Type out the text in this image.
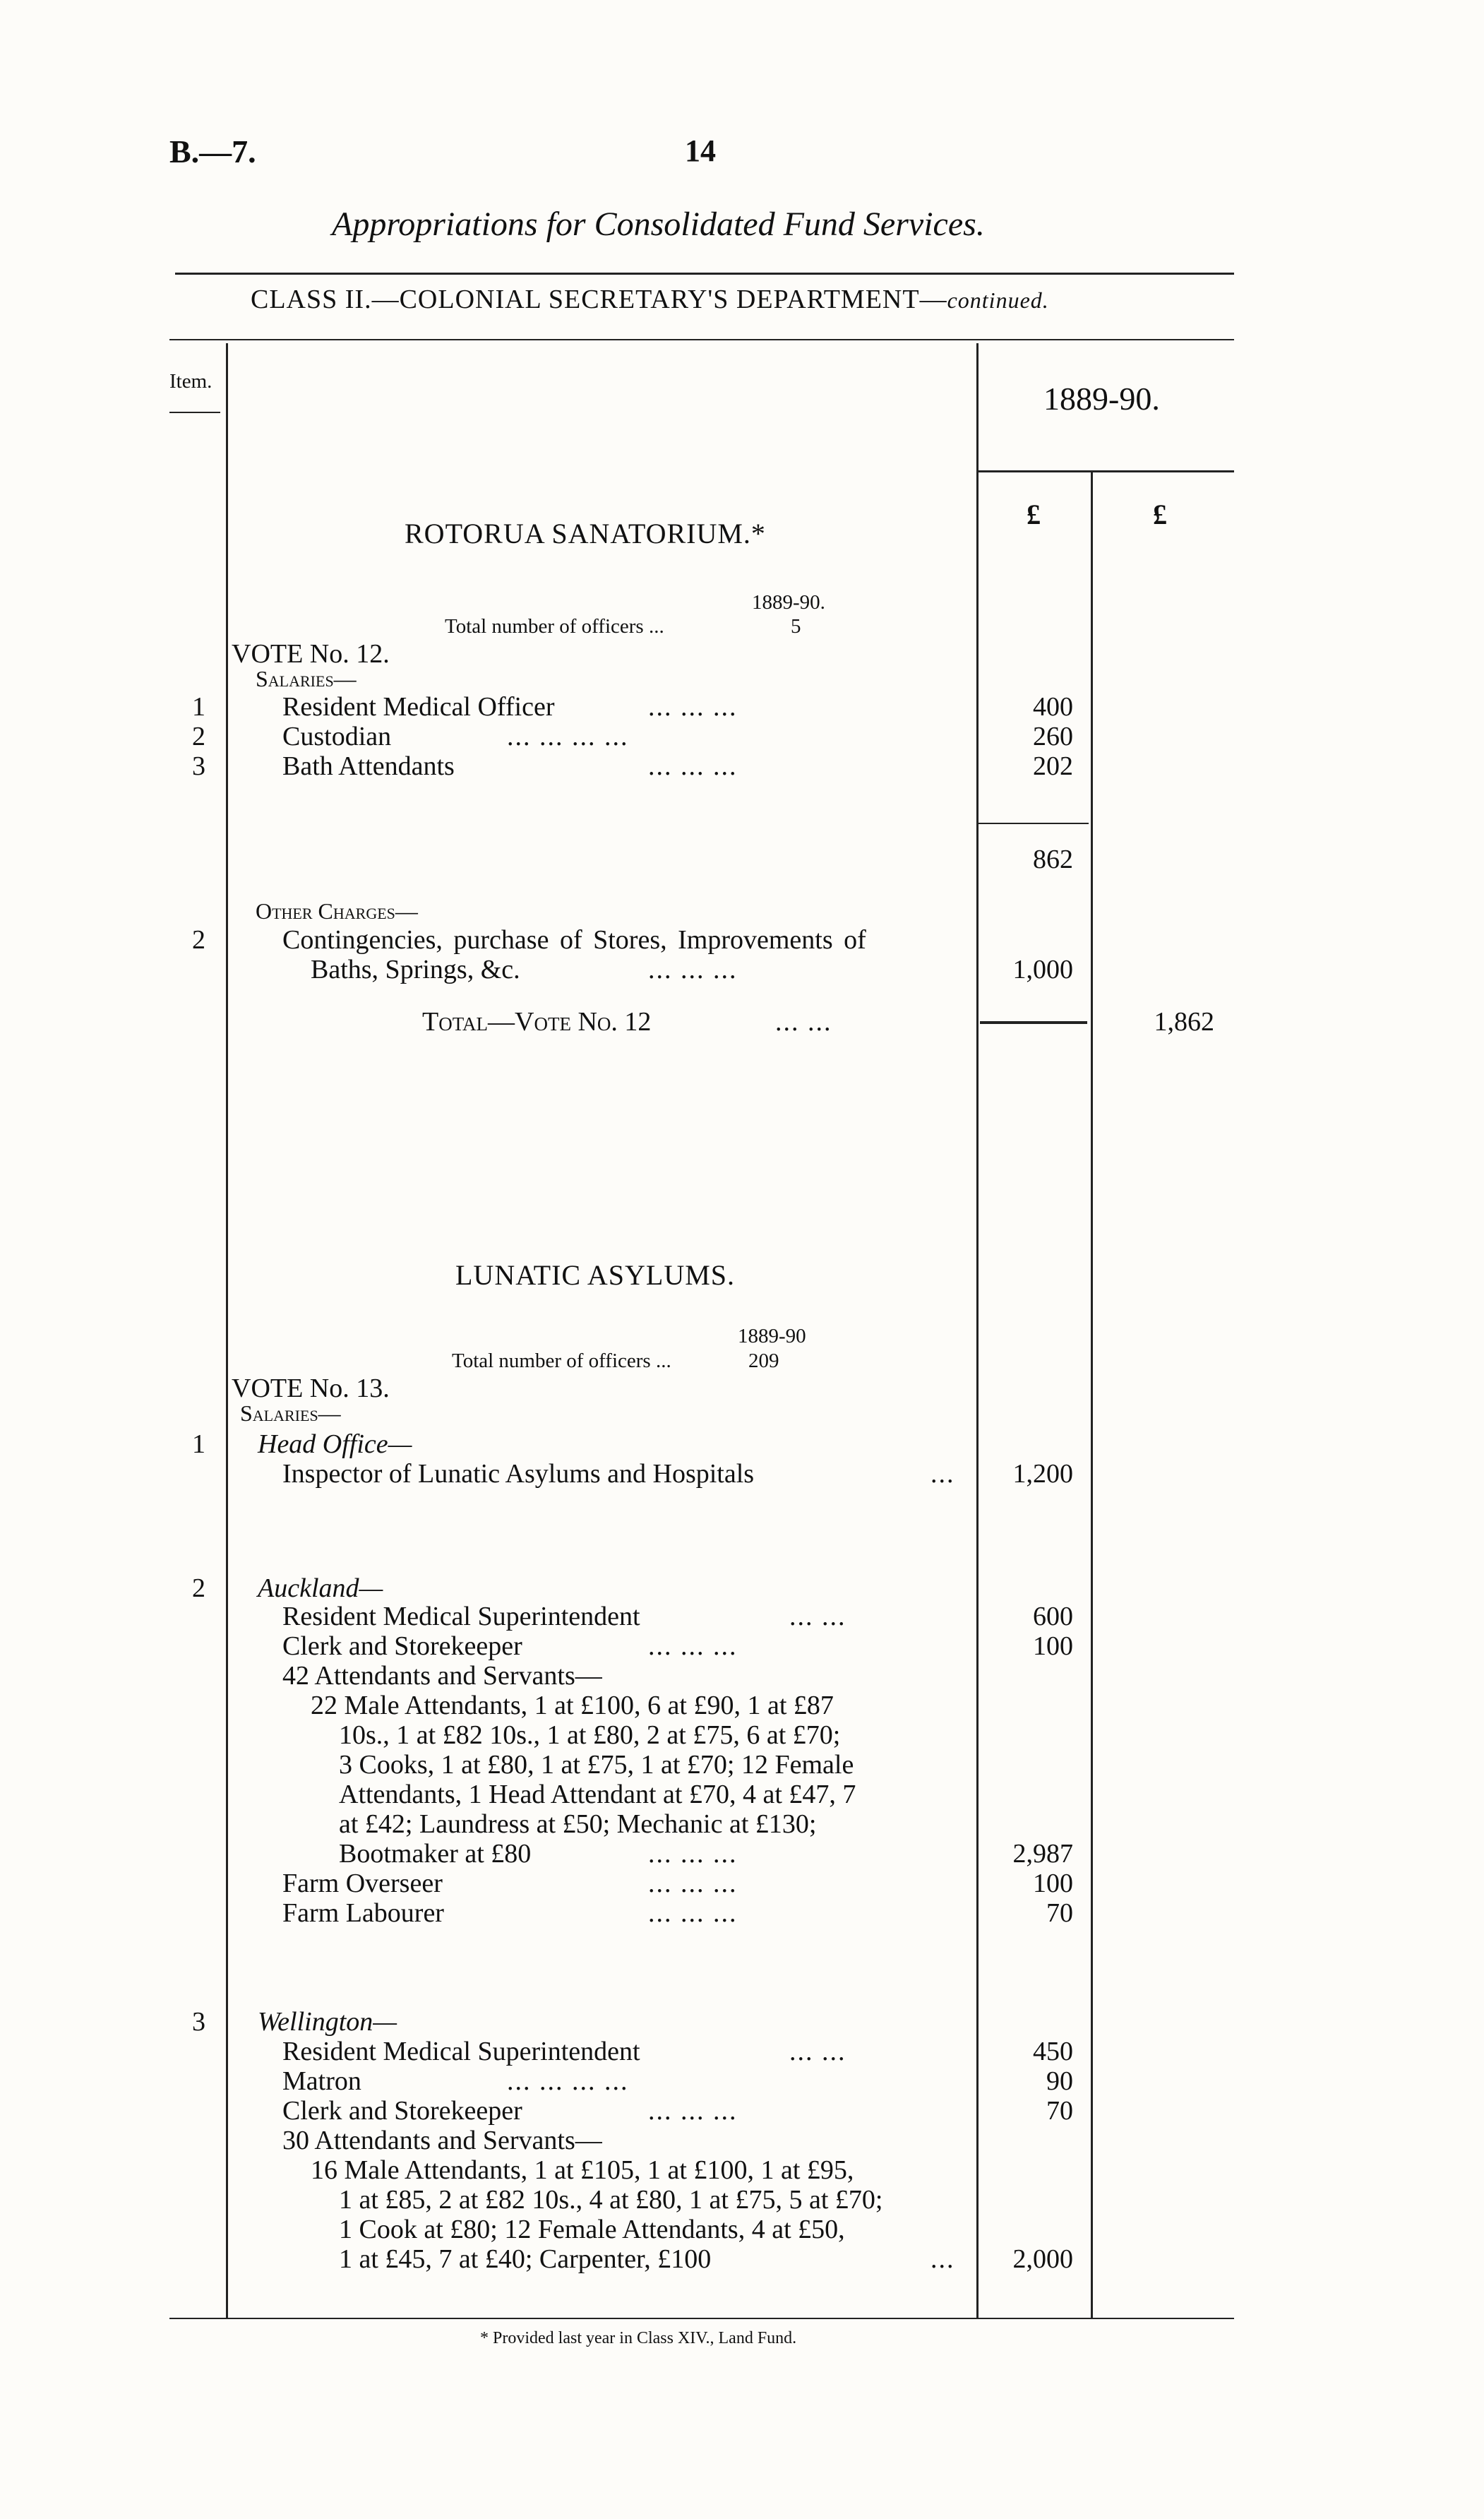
B.—7.	14
Appropriations for Consolidated Fund Services.
CLASS II.—COLONIAL SECRETARY'S DEPARTMENT—continued.
Item.	1889-90.
£	£
ROTORUA SANATORIUM.*
1889-90.
Total number of officers ...	5
VOTE No. 12.
Salaries—
1	Resident Medical Officer	... ... ...	400
2	Custodian	... ... ... ...	260
3	Bath Attendants	... ... ...	202
862
Other Charges—
2	Contingencies, purchase of Stores, Improvements of
Baths, Springs, &c.	... ... ...	1,000
Total—Vote No. 12	... ...	1,862
LUNATIC ASYLUMS.
1889-90
Total number of officers ...	209
VOTE No. 13.
Salaries—
1 Head Office—
Inspector of Lunatic Asylums and Hospitals	...	1,200
2 Auckland—
Resident Medical Superintendent	... ...	600
Clerk and Storekeeper	... ... ...	100
42 Attendants and Servants—
22 Male Attendants, 1 at £100, 6 at £90, 1 at £87
10s., 1 at £82 10s., 1 at £80, 2 at £75, 6 at £70;
3 Cooks, 1 at £80, 1 at £75, 1 at £70; 12 Female
Attendants, 1 Head Attendant at £70, 4 at £47, 7
at £42; Laundress at £50; Mechanic at £130;
Bootmaker at £80	... ... ...	2,987
Farm Overseer	... ... ...	100
Farm Labourer	... ... ...	70
3 Wellington—
Resident Medical Superintendent	... ...	450
Matron	... ... ... ...	90
Clerk and Storekeeper	... ... ...	70
30 Attendants and Servants—
16 Male Attendants, 1 at £105, 1 at £100, 1 at £95,
1 at £85, 2 at £82 10s., 4 at £80, 1 at £75, 5 at £70;
1 Cook at £80; 12 Female Attendants, 4 at £50,
1 at £45, 7 at £40; Carpenter, £100	...	2,000
* Provided last year in Class XIV., Land Fund.
